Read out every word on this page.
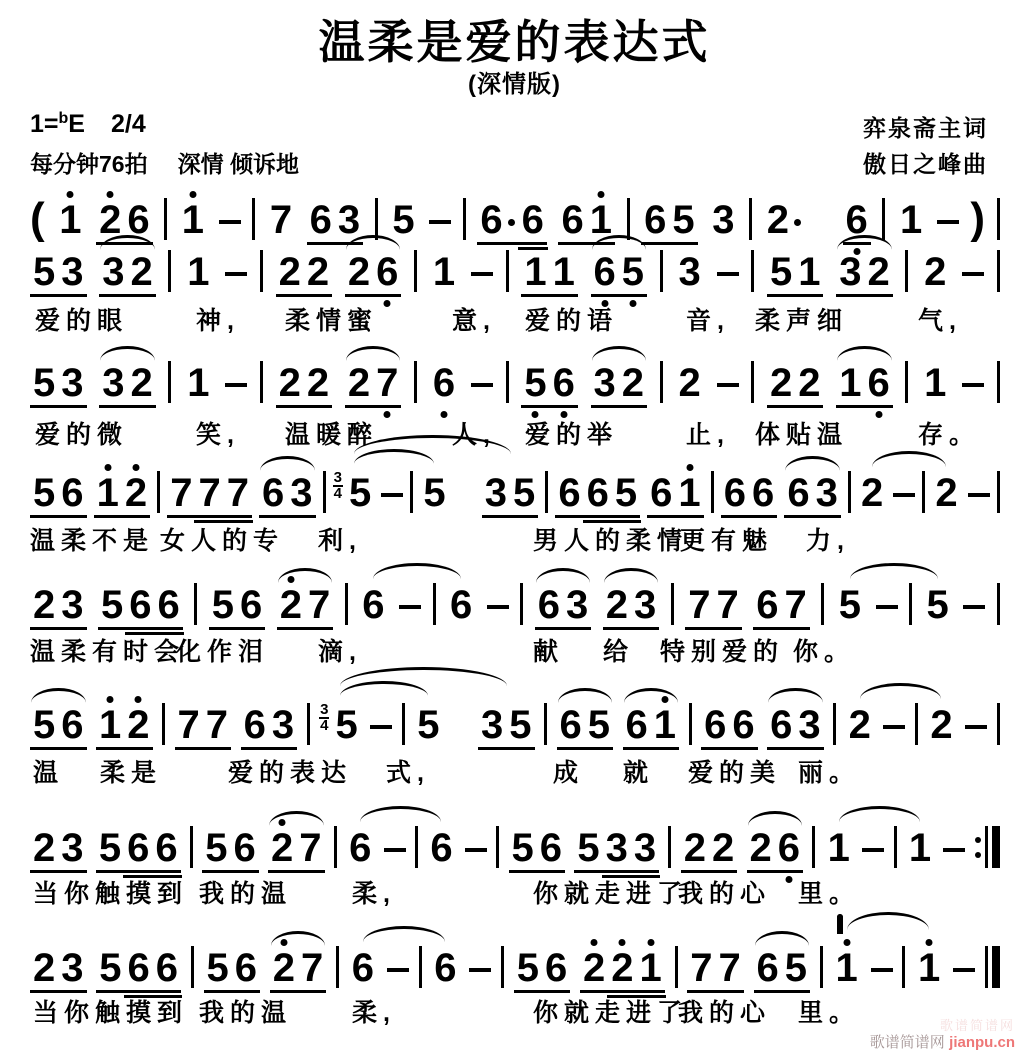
温柔是爱的表达式
(深情版)
1=$^b$E 2/4
每分钟76拍 深情 倾诉地
弈泉斋主词
傲日之峰曲
( 1 2 6 1 7 6 3 5 6 6 6 1 6 5 3 2 6 1 )
5 3 3 2 1 2 2 2 6 1 1 1 6 5 3 5 1 3 2 2
5 3 3 2 1 2 2 2 7 6 5 6 3 2 2 2 2 1 6 1
5 6 1 2 7 7 7 6 3 3
4 5 5 3 5 6 6 5 6 1 6 6 6 3 2 2
2 3 5 6 6 5 6 2 7 6 6 6 3 2 3 7 7 6 7 5 5
5 6 1 2 7 7 6 3 3
4 5 5 3 5 6 5 6 1 6 6 6 3 2 2
2 3 5 6 6 5 6 2 7 6 6 5 6 5 3 3 2 2 2 6 1 1
2 3 5 6 6 5 6 2 7 6 6 5 6 2 2 1 7 7 6 5 1 1
爱的眼	神, 柔情蜜	意, 爱的语	音, 柔声细	气,
爱的微	笑, 温暖醉	人, 爱的举	止, 体贴温	存。
温柔不是 女人的专 利,	男人的柔情
更有魅 力,
温柔有时会
化作泪 滴,	献 给 特别爱的 你。
温 柔是	爱的表达 式,	成 就 爱的美 丽。
当你触摸到 我的温 柔,	你就走进了
我的心 里。
当你触摸到 我的温 柔,	你就走进了
我的心 里。	歌谱简谱网
歌谱简谱网 jianpu.cn
